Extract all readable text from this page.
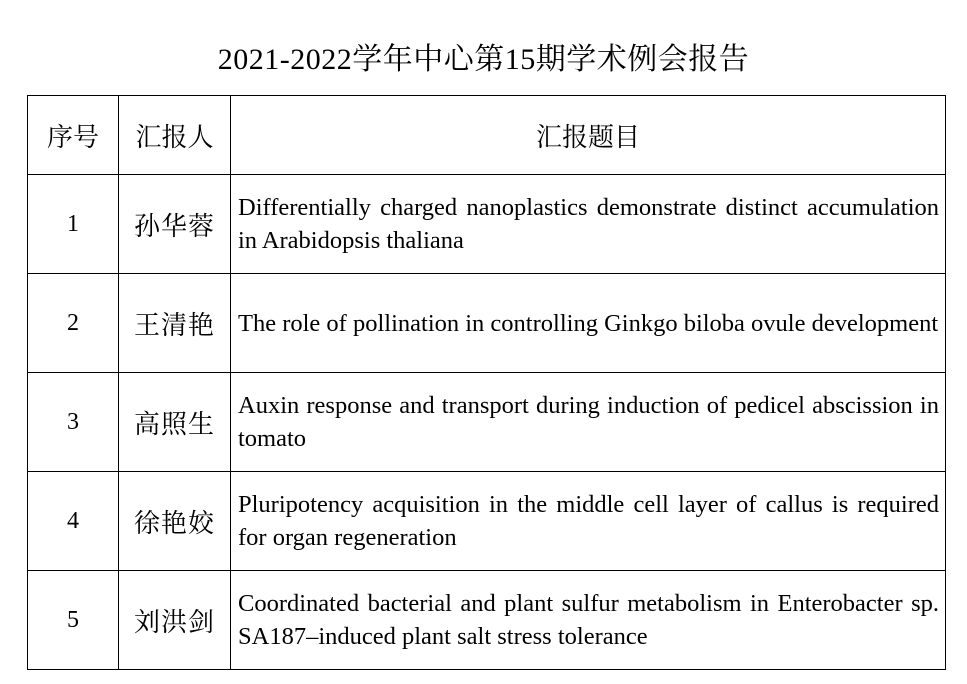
2021-2022学年中心第15期学术例会报告
序号	汇报人	汇报题目
1	孙华蓉	Differentially charged nanoplastics demonstrate distinct accumulation in Arabidopsis thaliana
2	王清艳	The role of pollination in controlling Ginkgo biloba ovule development
3	高照生	Auxin response and transport during induction of pedicel abscission in tomato
4	徐艳姣	Pluripotency acquisition in the middle cell layer of callus is required for organ regeneration
5	刘洪剑	Coordinated bacterial and plant sulfur metabolism in Enterobacter sp. SA187–induced plant salt stress tolerance
